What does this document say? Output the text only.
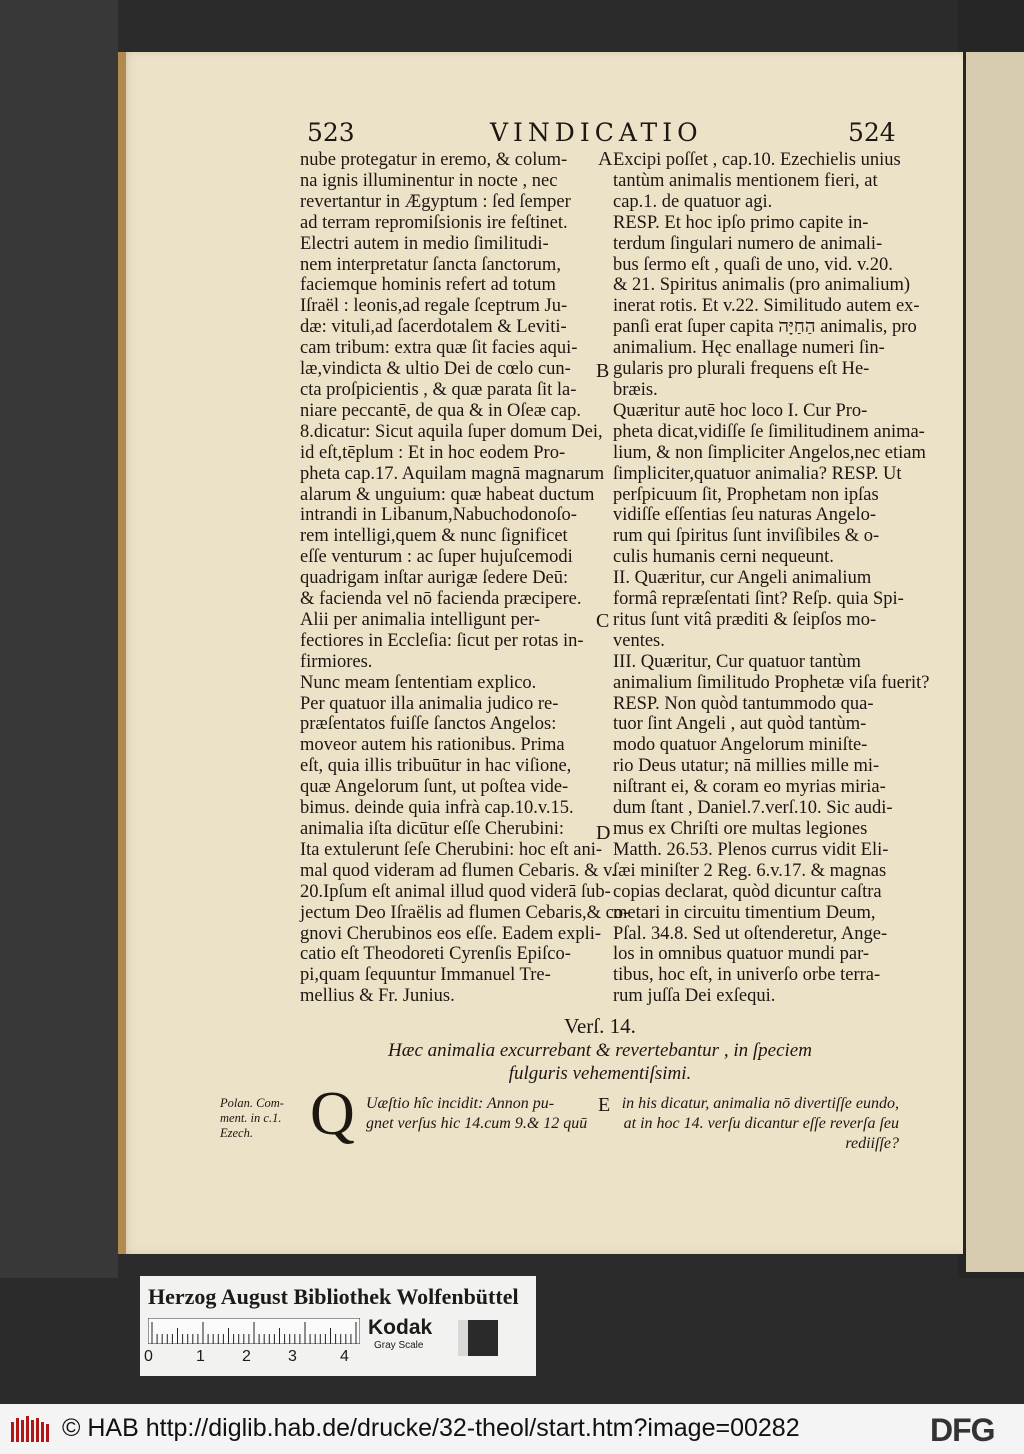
523	VINDICATIO	524

nube protegatur in eremo, & colum-

na ignis illuminentur in nocte , nec

revertantur in Ægyptum : ſed ſemper

ad terram repromiſsionis ire feſtinet.

Electri autem in medio ſimilitudi-

nem interpretatur ſancta ſanctorum,

faciemque hominis refert ad totum

Iſraël : leonis,ad regale ſceptrum Ju-

dæ: vituli,ad ſacerdotalem & Leviti-

cam tribum: extra quæ ſit facies aqui-

læ,vindicta & ultio Dei de cœlo cun-

cta proſpicientis , & quæ parata ſit la-

niare peccantē, de qua & in Oſeæ cap.

8.dicatur: Sicut aquila ſuper domum Dei,

id eſt,tēplum : Et in hoc eodem Pro-

pheta cap.17. Aquilam magnā magnarum

alarum & unguium: quæ habeat ductum

intrandi in Libanum,Nabuchodonoſo-

rem intelligi,quem & nunc ſignificet

eſſe venturum : ac ſuper hujuſcemodi

quadrigam inſtar aurigæ ſedere Deū:

& facienda vel nō facienda præcipere.

Alii per animalia intelligunt per-

fectiores in Eccleſia: ſicut per rotas in-

firmiores.

Nunc meam ſententiam explico.

Per quatuor illa animalia judico re-

præſentatos fuiſſe ſanctos Angelos:

moveor autem his rationibus. Prima

eſt, quia illis tribuūtur in hac viſione,

quæ Angelorum ſunt, ut poſtea vide-

bimus. deinde quia infrà cap.10.v.15.

animalia iſta dicūtur eſſe Cherubini:

Ita extulerunt ſeſe Cherubini: hoc eſt ani-

mal quod videram ad flumen Cebaris. & v.

20.Ipſum eſt animal illud quod viderā ſub-

jectum Deo Iſraëlis ad flumen Cebaris,& co-

gnovi Cherubinos eos eſſe. Eadem expli-

catio eſt Theodoreti Cyrenſis Epiſco-

pi,quam ſequuntur Immanuel Tre-

mellius & Fr. Junius.

Excipi poſſet , cap.10. Ezechielis unius

tantùm animalis mentionem fieri, at

cap.1. de quatuor agi.

RESP. Et hoc ipſo primo capite in-

terdum ſingulari numero de animali-

bus ſermo eſt , quaſi de uno, vid. v.20.

& 21. Spiritus animalis (pro animalium)

inerat rotis. Et v.22. Similitudo autem ex-

panſi erat ſuper capita הַחַיָּה animalis, pro

animalium. Hęc enallage numeri ſin-

gularis pro plurali frequens eſt He-

bræis.

Quæritur autē hoc loco I. Cur Pro-

pheta dicat,vidiſſe ſe ſimilitudinem anima-

lium, & non ſimpliciter Angelos,nec etiam

ſimpliciter,quatuor animalia? RESP. Ut

perſpicuum ſit, Prophetam non ipſas

vidiſſe eſſentias ſeu naturas Angelo-

rum qui ſpiritus ſunt inviſibiles & o-

culis humanis cerni nequeunt.

II. Quæritur, cur Angeli animalium

formâ repræſentati ſint? Reſp. quia Spi-

ritus ſunt vitâ præditi & ſeipſos mo-

ventes.

III. Quæritur, Cur quatuor tantùm

animalium ſimilitudo Prophetæ viſa fuerit?

RESP. Non quòd tantummodo qua-

tuor ſint Angeli , aut quòd tantùm-

modo quatuor Angelorum miniſte-

rio Deus utatur; nā millies mille mi-

niſtrant ei, & coram eo myrias miria-

dum ſtant , Daniel.7.verſ.10. Sic audi-

mus ex Chriſti ore multas legiones

Matth. 26.53. Plenos currus vidit Eli-

ſæi miniſter 2 Reg. 6.v.17. & magnas

copias declarat, quòd dicuntur caſtra

metari in circuitu timentium Deum,

Pſal. 34.8. Sed ut oſtenderetur, Ange-

los in omnibus quatuor mundi par-

tibus, hoc eſt, in univerſo orbe terra-

rum juſſa Dei exſequi.

A
B
C
D
E
Verſ. 14.
Hæc animalia excurrebant & revertebantur , in ſpeciem
fulguris vehementiſsimi.

Polan. Com-

ment. in c.1.

Ezech. Q Uæſtio hîc incidit: Annon pu-

gnet verſus hic 14.cum 9.& 12 quū

in his dicatur, animalia nō divertiſſe eundo,

at in hoc 14. verſu dicantur eſſe reverſa ſeu

rediiſſe?

Herzog August Bibliothek Wolfenbüttel
0	1 2 3	4
Kodak
Gray Scale
© HAB http://diglib.hab.de/drucke/32-theol/start.htm?image=00282	DFG
